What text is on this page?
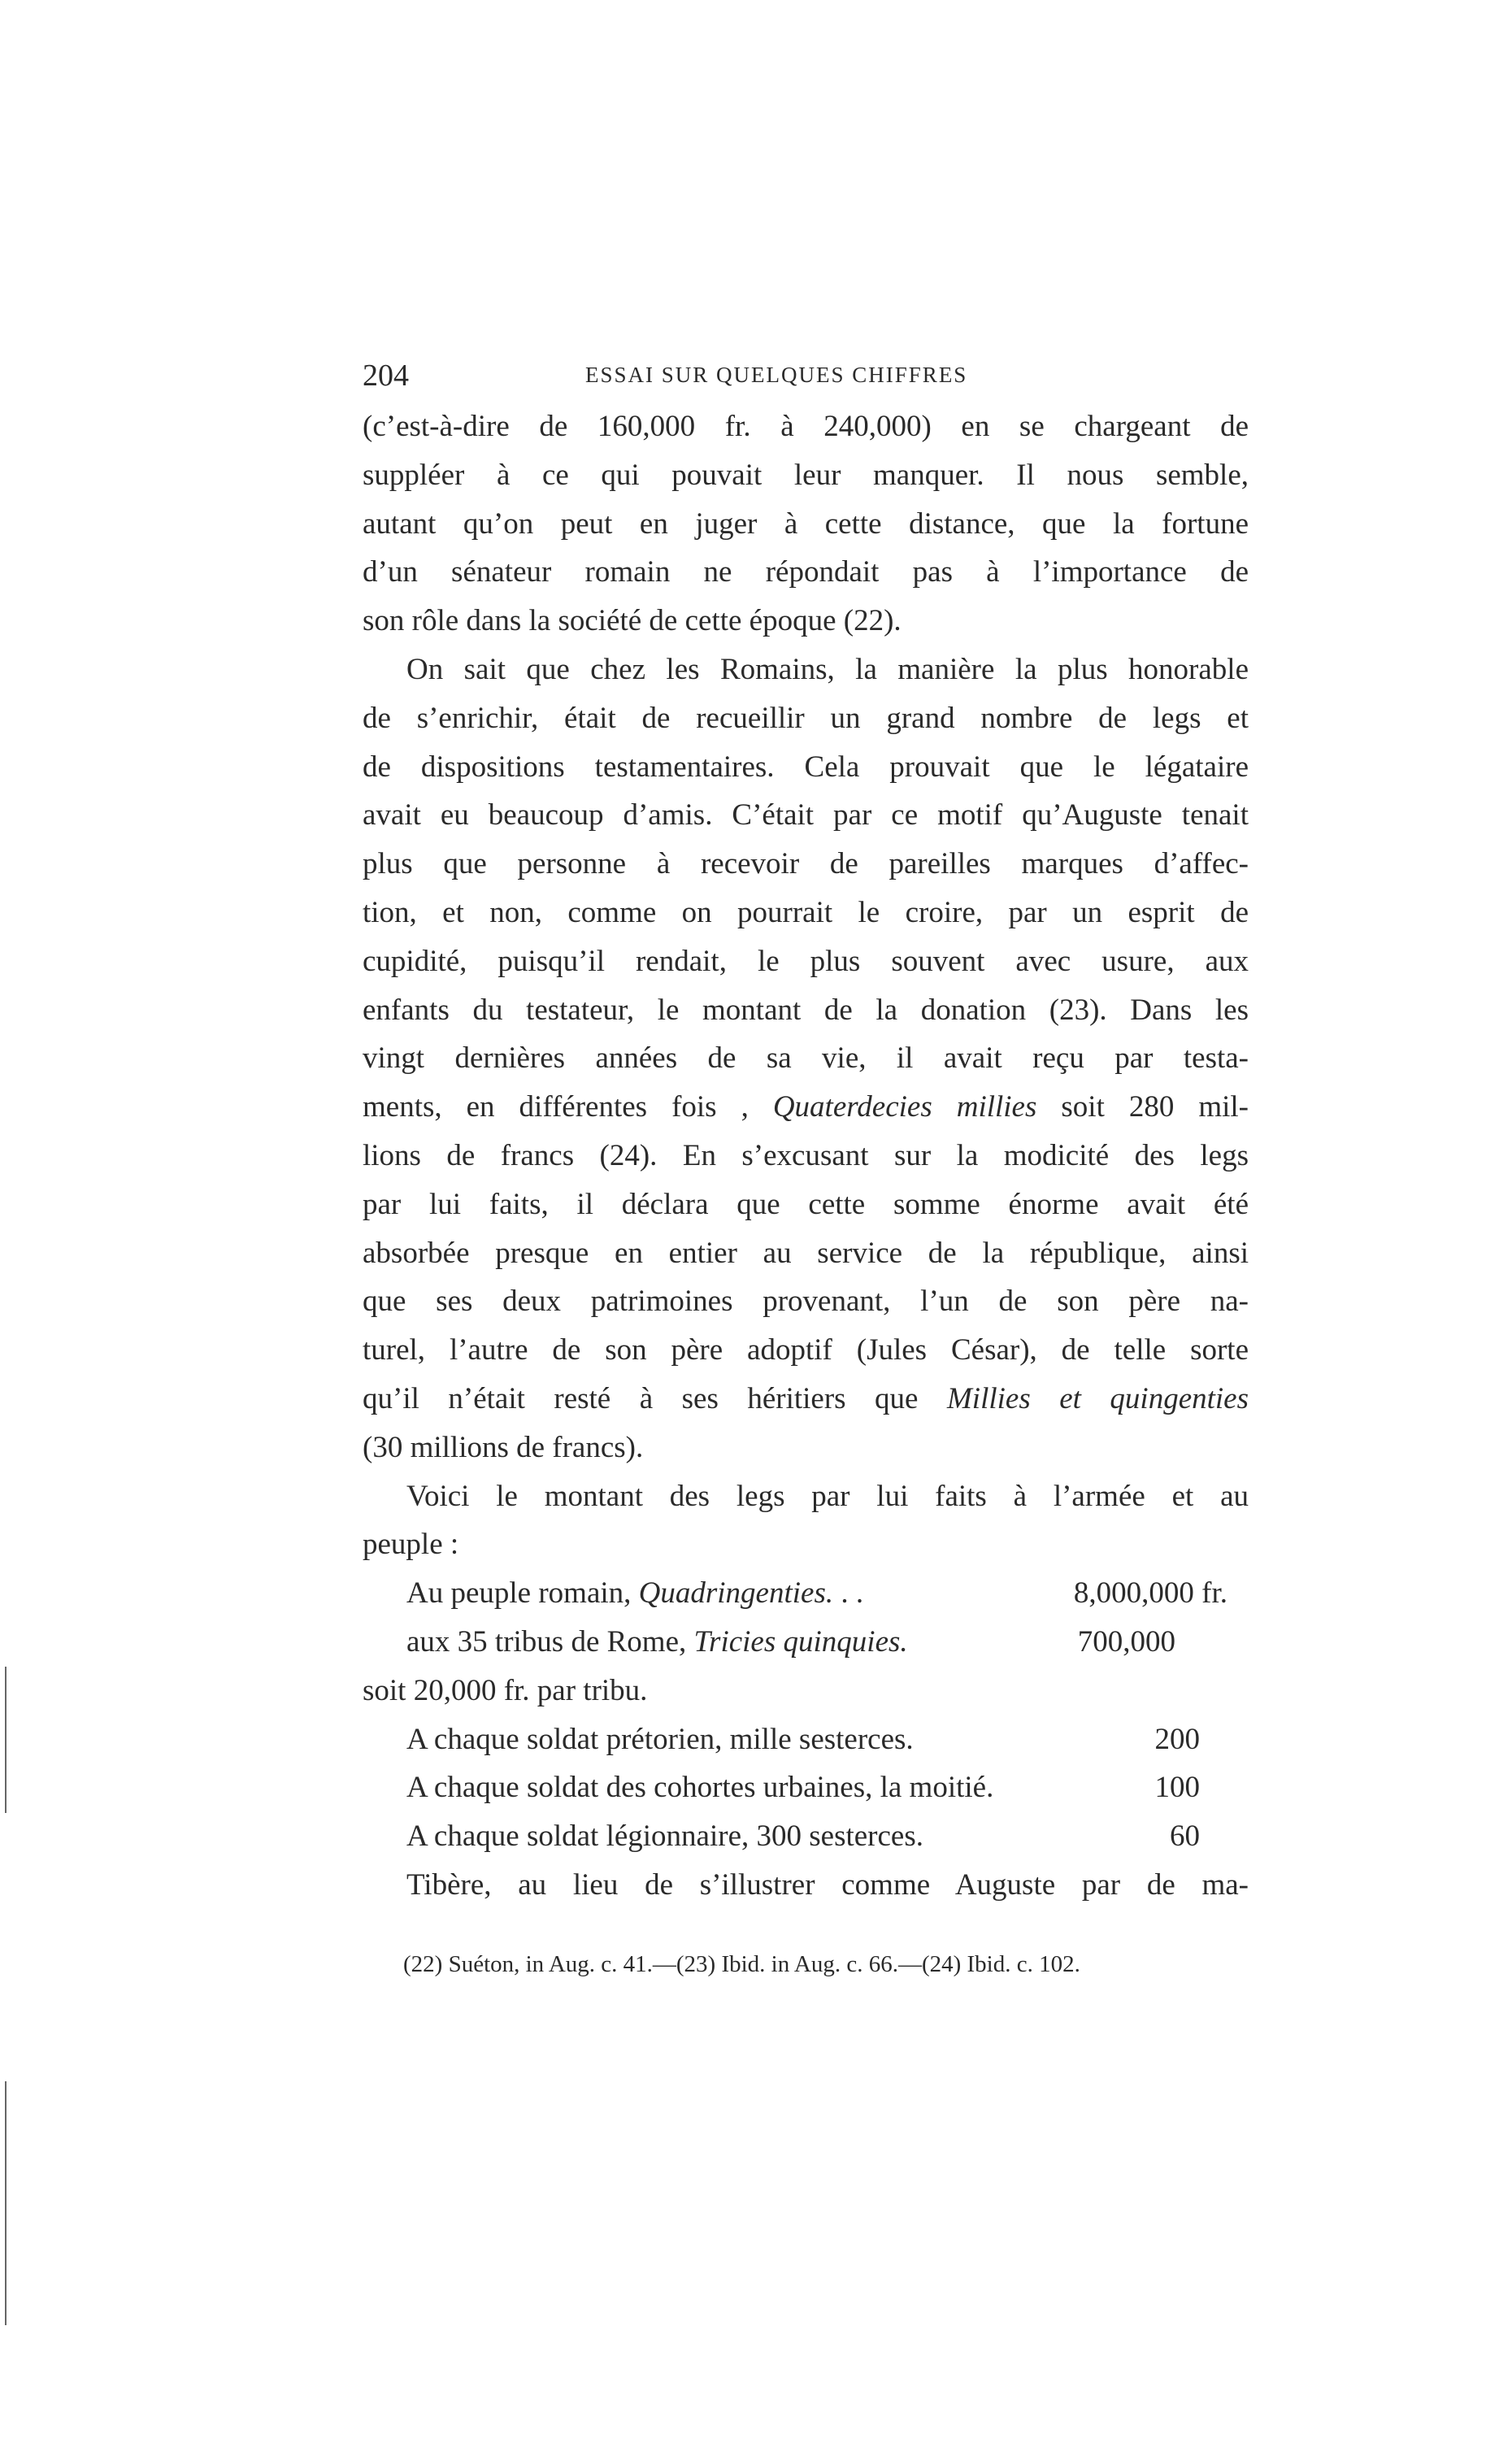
204	ESSAI SUR QUELQUES CHIFFRES
(c’est-à-dire de 160,000 fr. à 240,000) en se chargeant de
suppléer à ce qui pouvait leur manquer. Il nous semble,
autant qu’on peut en juger à cette distance, que la fortune
d’un sénateur romain ne répondait pas à l’importance de
son rôle dans la société de cette époque (22).
On sait que chez les Romains, la manière la plus honorable
de s’enrichir, était de recueillir un grand nombre de legs et
de dispositions testamentaires. Cela prouvait que le légataire
avait eu beaucoup d’amis. C’était par ce motif qu’Auguste tenait
plus que personne à recevoir de pareilles marques d’affec-
tion, et non, comme on pourrait le croire, par un esprit de
cupidité, puisqu’il rendait, le plus souvent avec usure, aux
enfants du testateur, le montant de la donation (23). Dans les
vingt dernières années de sa vie, il avait reçu par testa-
ments, en différentes fois , Quaterdecies millies soit 280 mil-
lions de francs (24). En s’excusant sur la modicité des legs
par lui faits, il déclara que cette somme énorme avait été
absorbée presque en entier au service de la république, ainsi
que ses deux patrimoines provenant, l’un de son père na-
turel, l’autre de son père adoptif (Jules César), de telle sorte
qu’il n’était resté à ses héritiers que Millies et quingenties
(30 millions de francs).
Voici le montant des legs par lui faits à l’armée et au
peuple :
Au peuple romain, Quadringenties. . .	8,000,000 fr.
aux 35 tribus de Rome, Tricies quinquies.	700,000
soit 20,000 fr. par tribu.
A chaque soldat prétorien, mille sesterces.	200
A chaque soldat des cohortes urbaines, la moitié.	100
A chaque soldat légionnaire, 300 sesterces.	60
Tibère, au lieu de s’illustrer comme Auguste par de ma-
(22) Suéton, in Aug. c. 41.—(23) Ibid. in Aug. c. 66.—(24) Ibid. c. 102.
